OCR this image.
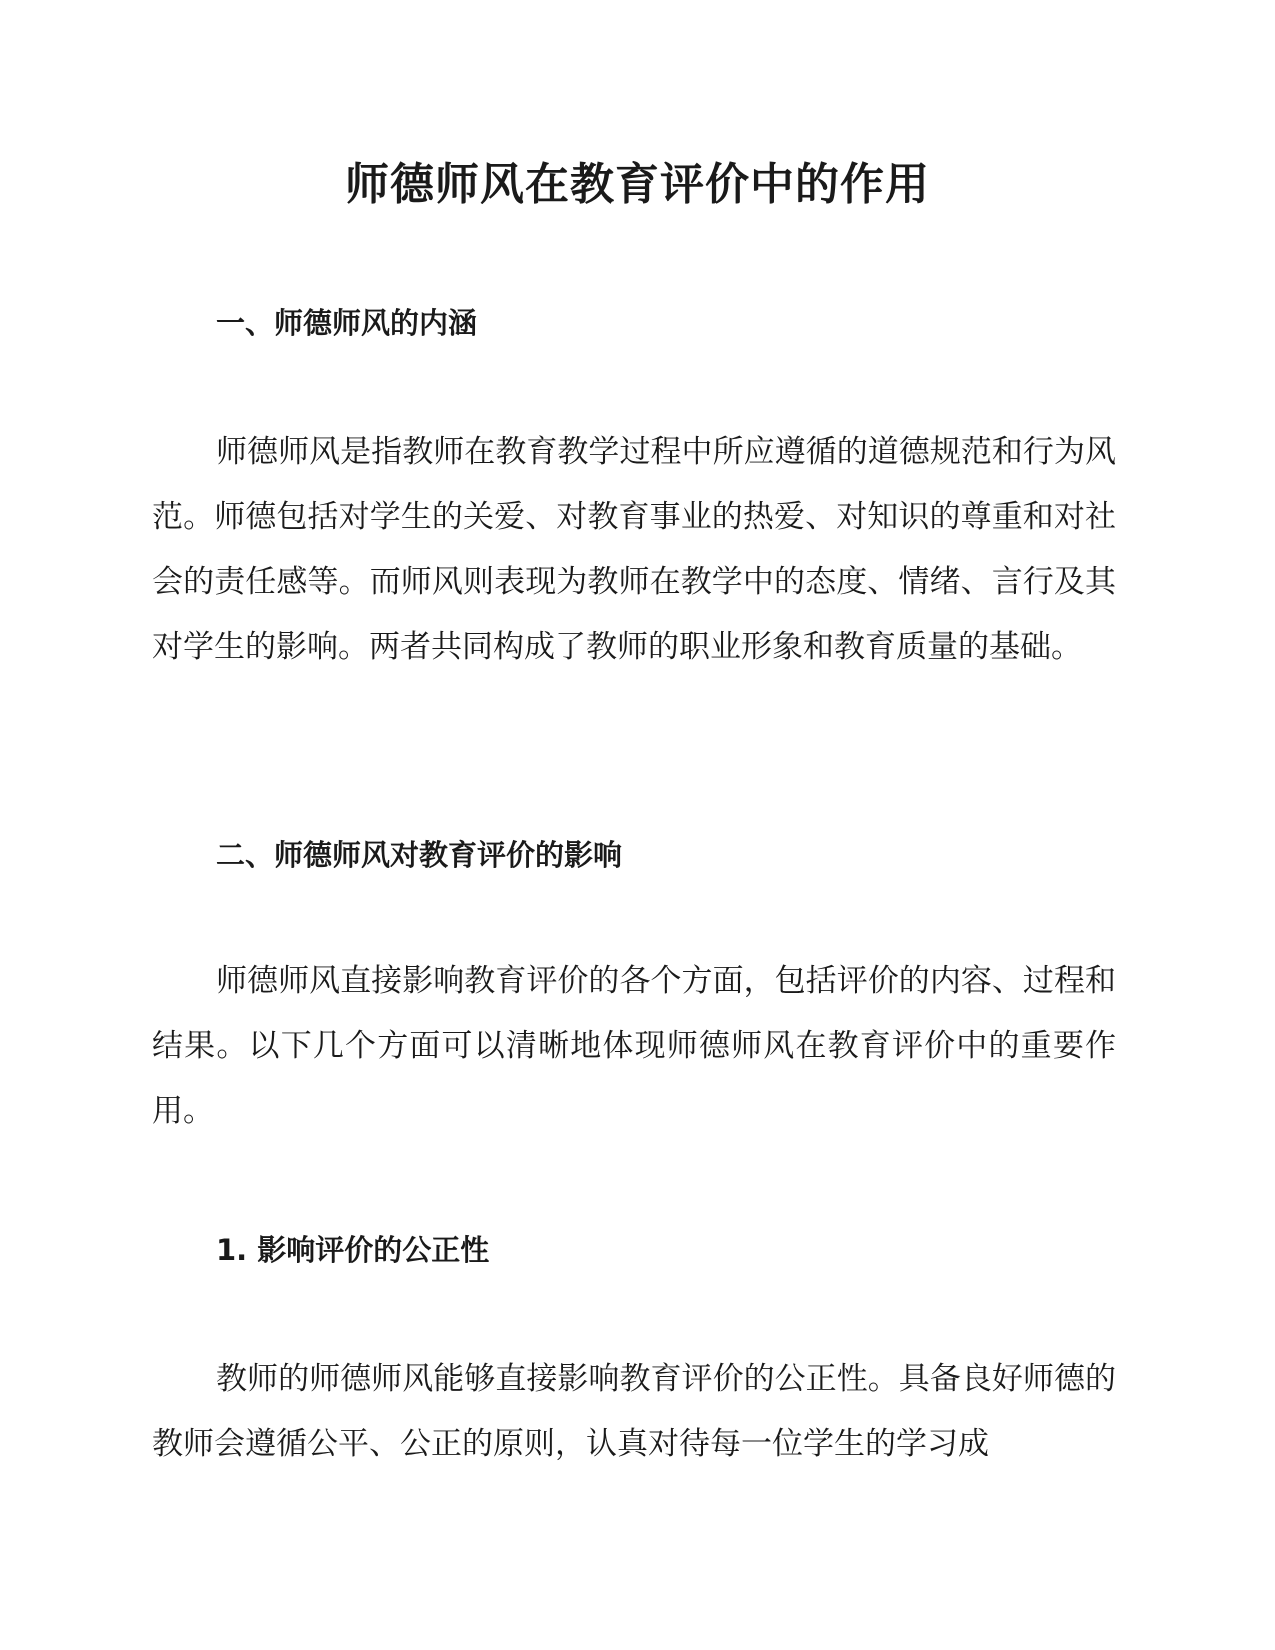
师德师风在教育评价中的作用
一、师德师风的内涵

师德师风是指教师在教育教学过程中所应遵循的道德规范和行为风范。师德包括对学生的关爱、对教育事业的热爱、对知识的尊重和对社会的责任感等。而师风则表现为教师在教学中的态度、情绪、言行及其对学生的影响。两者共同构成了教师的职业形象和教育质量的基础。

二、师德师风对教育评价的影响

师德师风直接影响教育评价的各个方面，包括评价的内容、过程和结果。以下几个方面可以清晰地体现师德师风在教育评价中的重要作用。

1. 影响评价的公正性

教师的师德师风能够直接影响教育评价的公正性。具备良好师德的教师会遵循公平、公正的原则，认真对待每一位学生的学习成
